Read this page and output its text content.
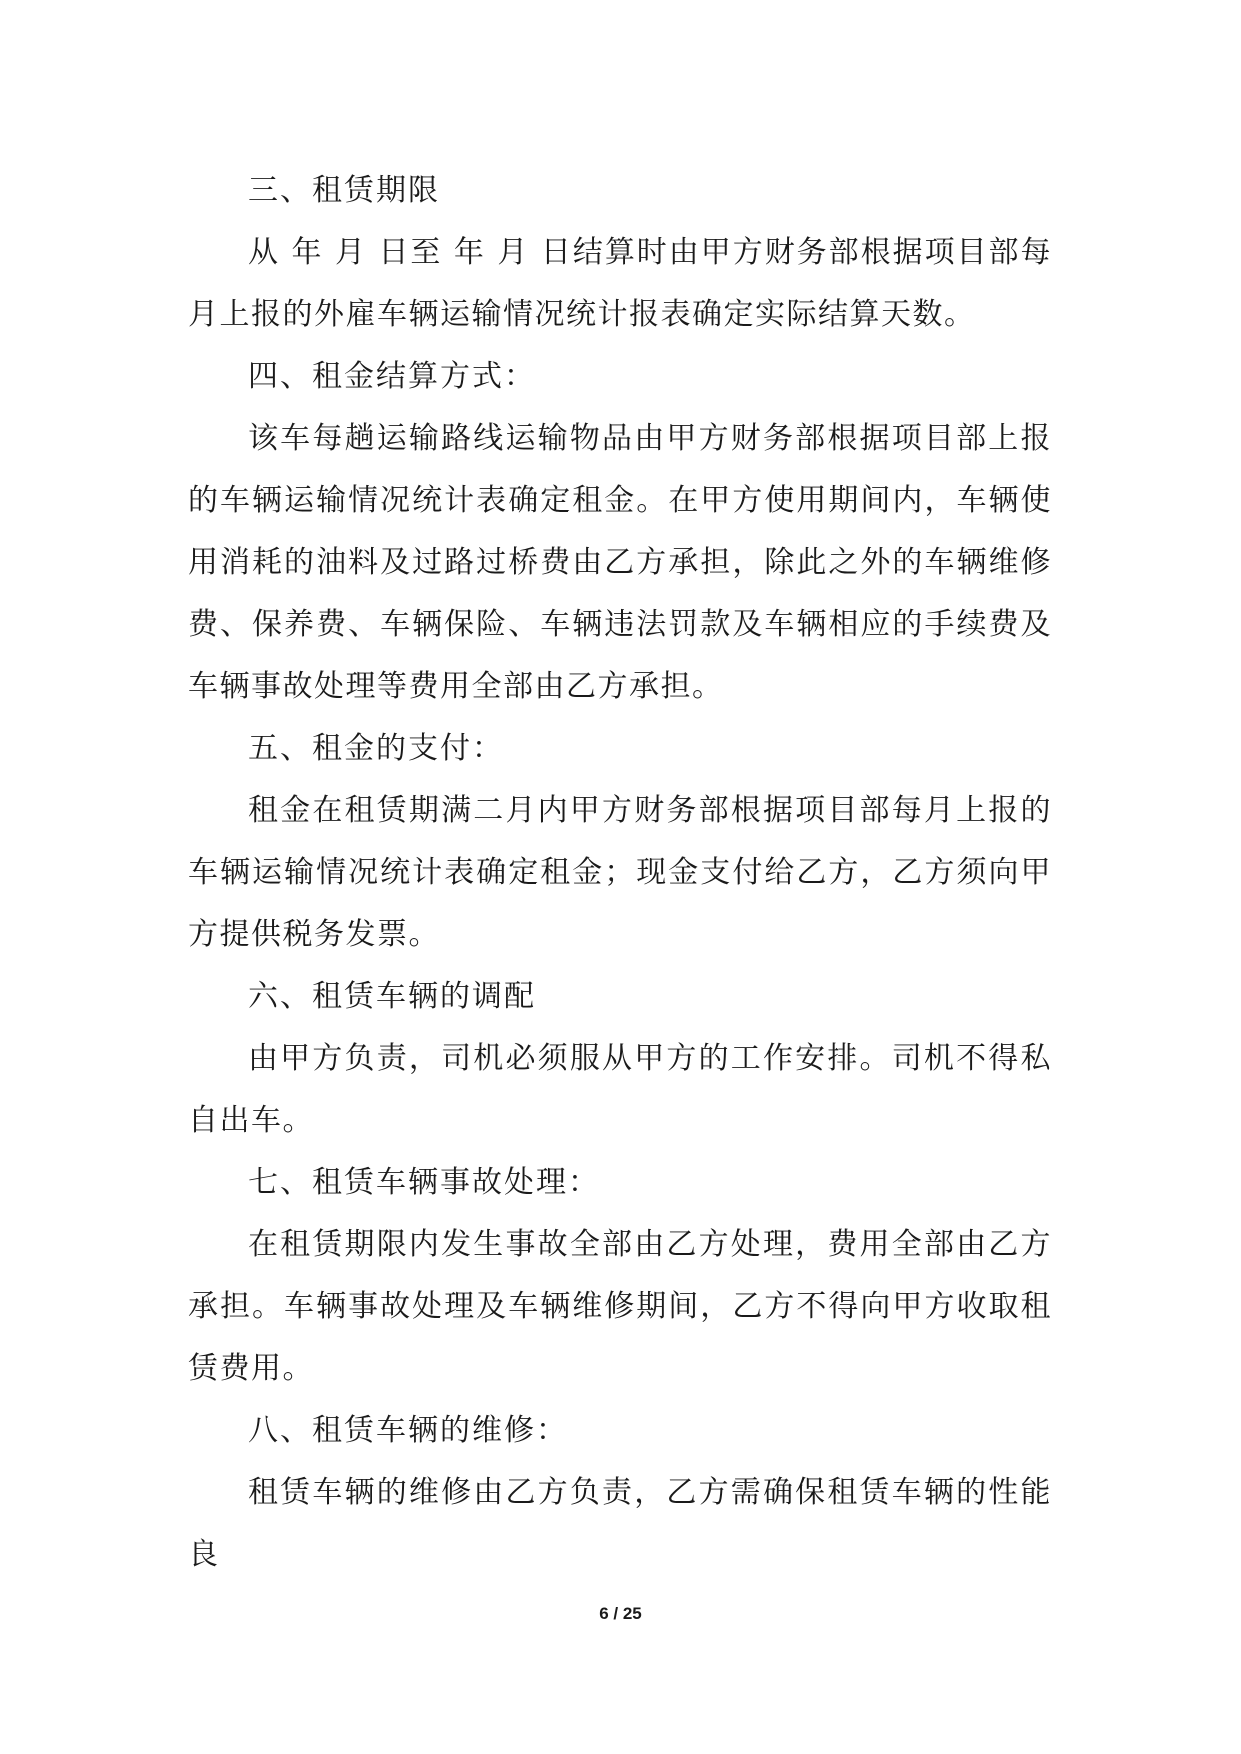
三、租赁期限

从 年 月 日至 年 月 日结算时由甲方财务部根据项目部每月上报的外雇车辆运输情况统计报表确定实际结算天数。

四、租金结算方式：

该车每趟运输路线运输物品由甲方财务部根据项目部上报的车辆运输情况统计表确定租金。在甲方使用期间内，车辆使用消耗的油料及过路过桥费由乙方承担，除此之外的车辆维修费、保养费、车辆保险、车辆违法罚款及车辆相应的手续费及车辆事故处理等费用全部由乙方承担。

五、租金的支付：

租金在租赁期满二月内甲方财务部根据项目部每月上报的车辆运输情况统计表确定租金；现金支付给乙方，乙方须向甲方提供税务发票。

六、租赁车辆的调配

由甲方负责，司机必须服从甲方的工作安排。司机不得私自出车。

七、租赁车辆事故处理：

在租赁期限内发生事故全部由乙方处理，费用全部由乙方承担。车辆事故处理及车辆维修期间，乙方不得向甲方收取租赁费用。

八、租赁车辆的维修：

租赁车辆的维修由乙方负责，乙方需确保租赁车辆的性能良

6 / 25
